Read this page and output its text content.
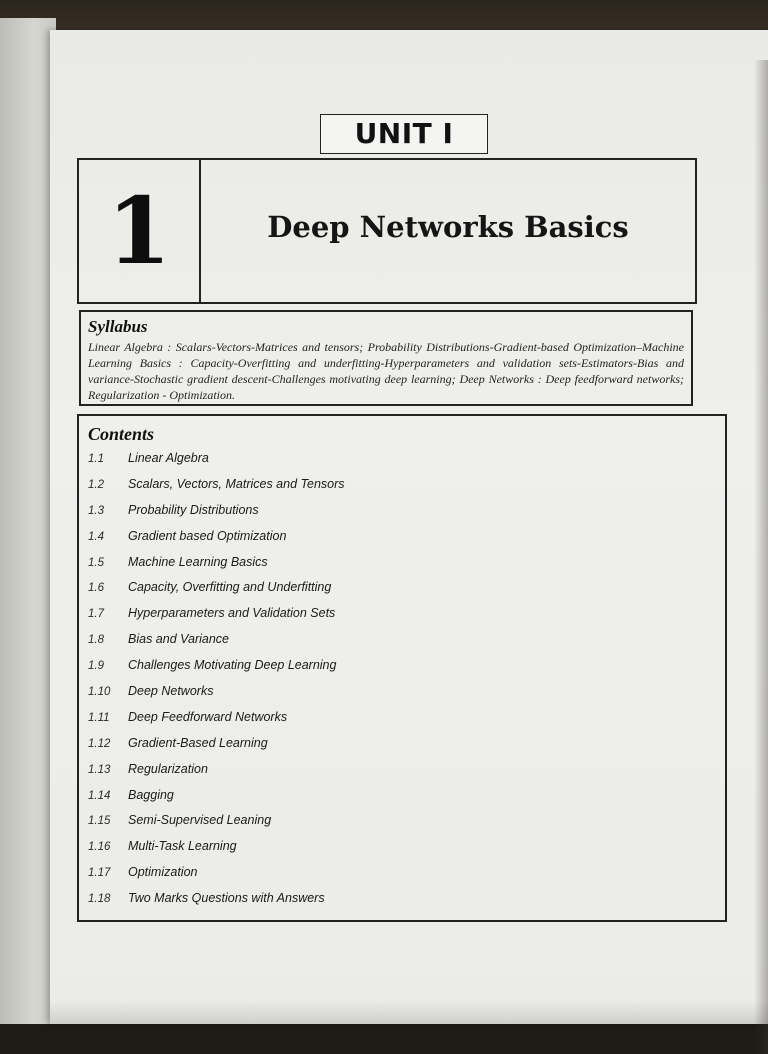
UNIT I
1	Deep Networks Basics
Syllabus
Linear Algebra : Scalars-Vectors-Matrices and tensors; Probability Distributions-Gradient-based Optimization–Machine Learning Basics : Capacity-Overfitting and underfitting-Hyperparameters and validation sets-Estimators-Bias and variance-Stochastic gradient descent-Challenges motivating deep learning; Deep Networks : Deep feedforward networks; Regularization - Optimization.
Contents
1.1	Linear Algebra
1.2	Scalars, Vectors, Matrices and Tensors
1.3	Probability Distributions
1.4	Gradient based Optimization
1.5	Machine Learning Basics
1.6	Capacity, Overfitting and Underfitting
1.7	Hyperparameters and Validation Sets
1.8	Bias and Variance
1.9	Challenges Motivating Deep Learning
1.10	Deep Networks
1.11	Deep Feedforward Networks
1.12	Gradient-Based Learning
1.13	Regularization
1.14	Bagging
1.15	Semi-Supervised Leaning
1.16	Multi-Task Learning
1.17	Optimization
1.18	Two Marks Questions with Answers
